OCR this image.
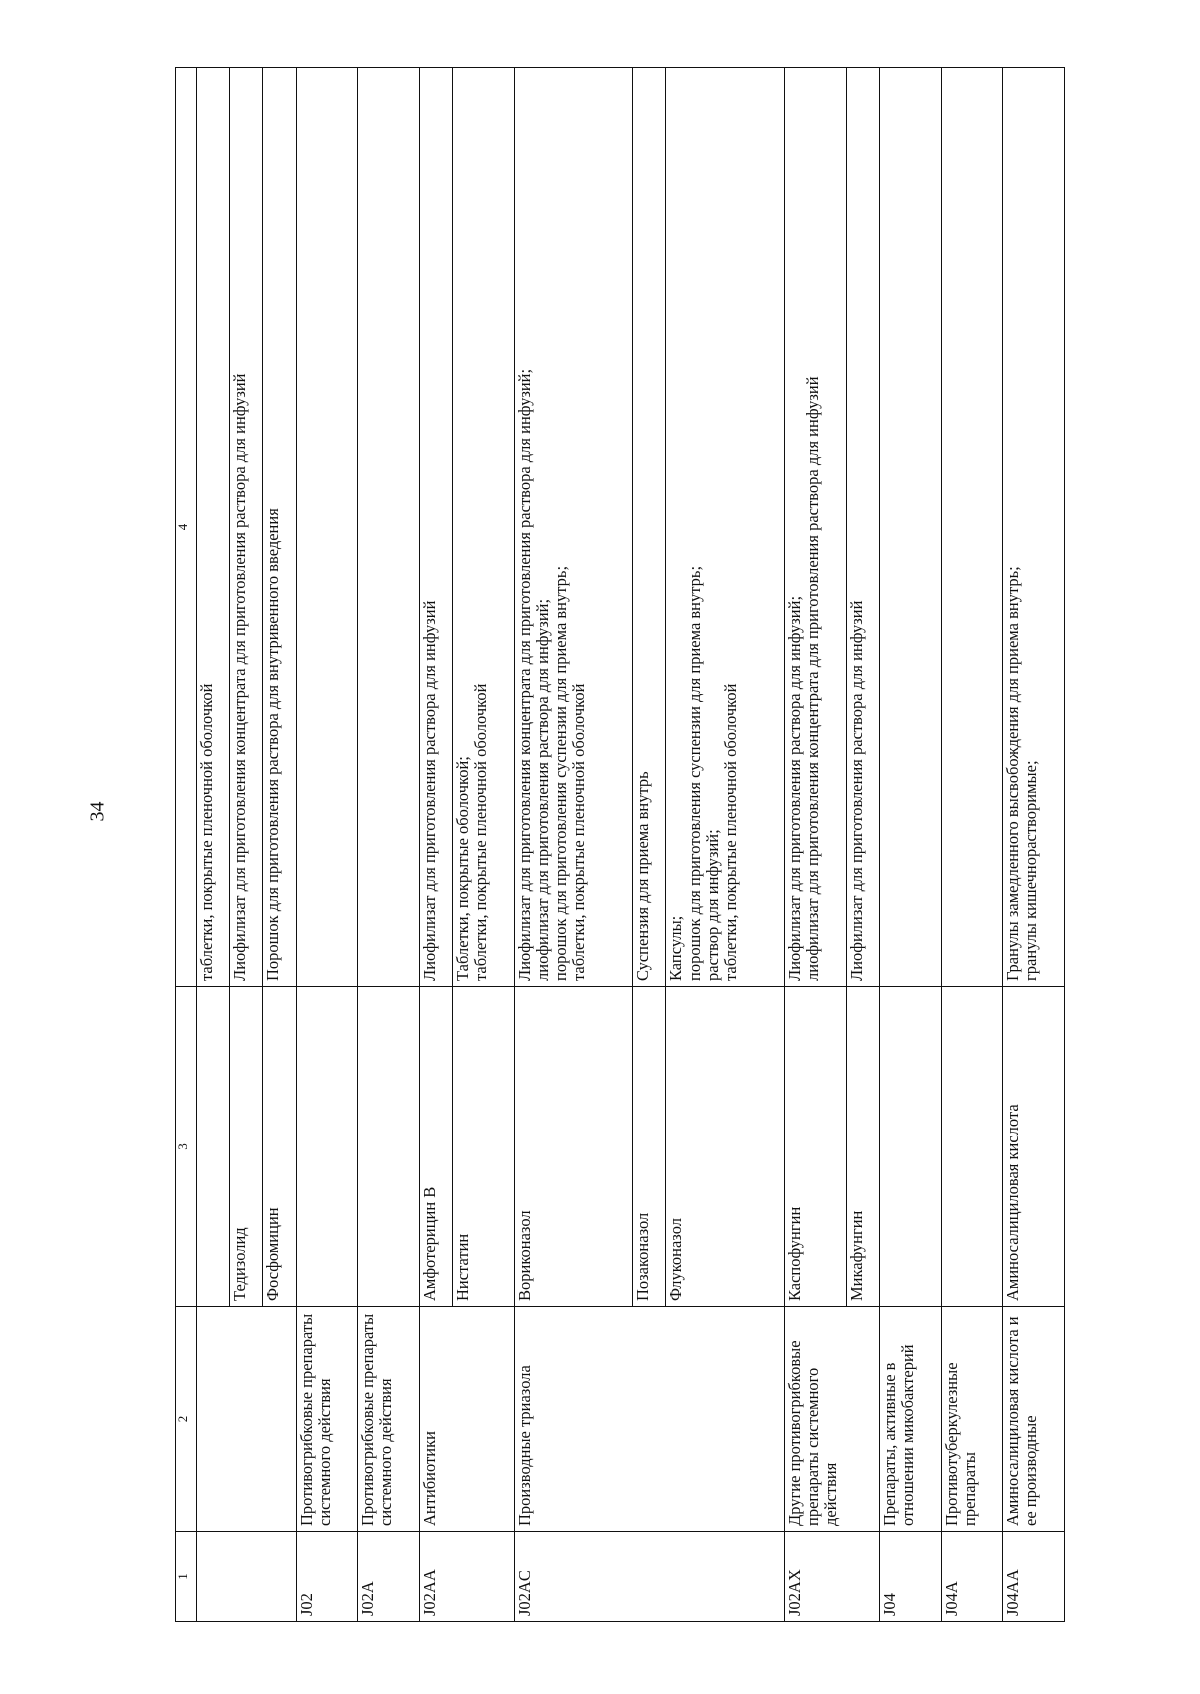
34
1	2	3	4

			таблетки, покрытые пленочной оболочкой

		Тедизолид	Лиофилизат для приготовления концентрата для приготовления раствора для инфузий

		Фосфомицин	Порошок для приготовления раствора для внутривенного введения

J02	Противогрибковые препараты системного действия		

J02A	Противогрибковые препараты системного действия		

J02AA	Антибиотики	Амфотерицин В	Лиофилизат для приготовления раствора для инфузий

		Нистатин	Таблетки, покрытые оболочкой; таблетки, покрытые пленочной оболочкой

J02AC	Производные триазола	Вориконазол	Лиофилизат для приготовления концентрата для приготовления раствора для инфузий; лиофилизат для приготовления раствора для инфузий; порошок для приготовления суспензии для приема внутрь; таблетки, покрытые пленочной оболочкой

		Позаконазол	Суспензия для приема внутрь

		Флуконазол	Капсулы; порошок для приготовления суспензии для приема внутрь; раствор для инфузий; таблетки, покрытые пленочной оболочкой

J02AX	Другие противогрибковые препараты системного действия	Каспофунгин	Лиофилизат для приготовления раствора для инфузий; лиофилизат для приготовления концентрата для приготовления раствора для инфузий

		Микафунгин	Лиофилизат для приготовления раствора для инфузий

J04	Препараты, активные в отношении микобактерий		

J04A	Противотуберкулезные препараты		

J04AA	Аминосалициловая кислота и ее производные	Аминосалициловая кислота	Гранулы замедленного высвобождения для приема внутрь; гранулы кишечнорастворимые;
